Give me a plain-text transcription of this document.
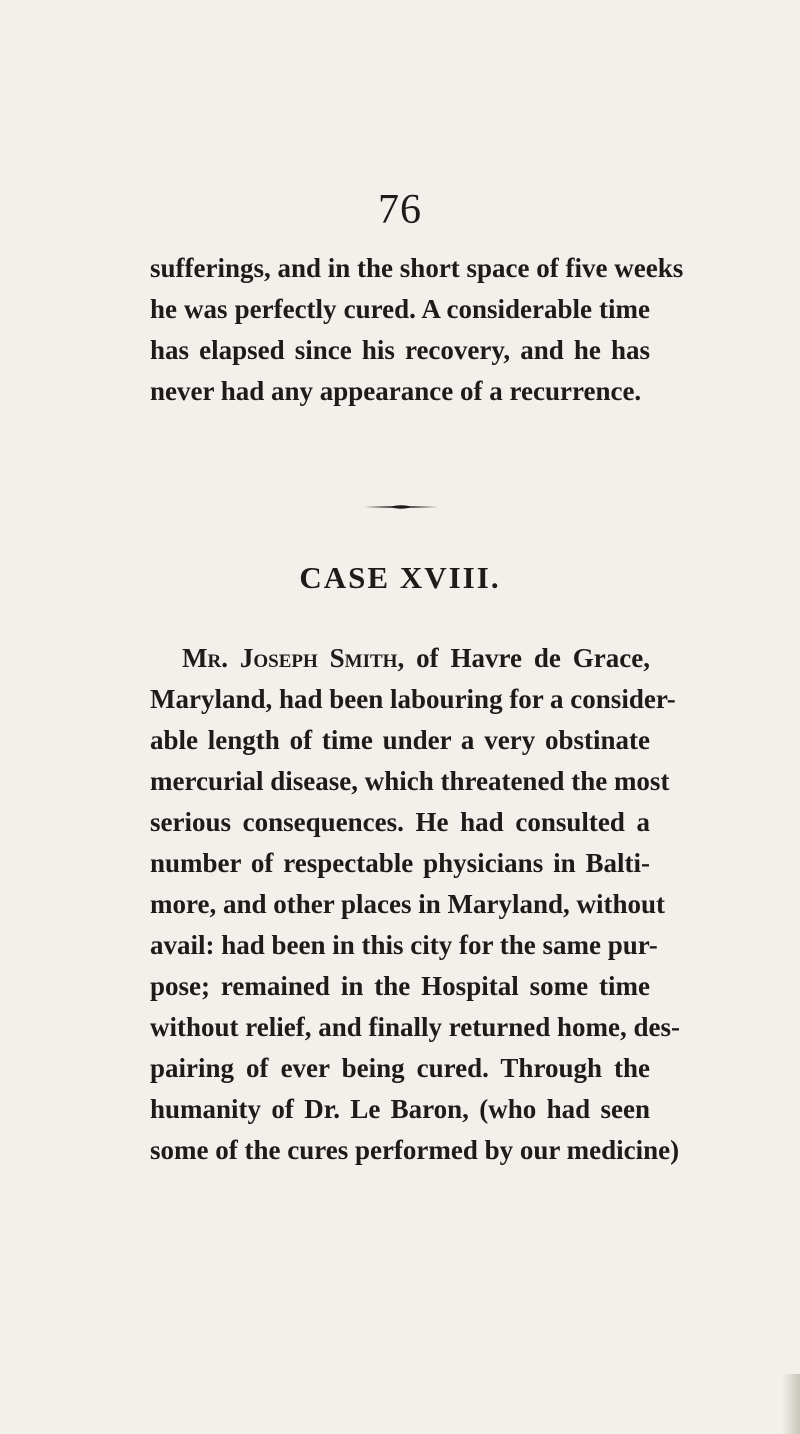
76
sufferings, and in the short space of five weeks
he was perfectly cured. A considerable time
has elapsed since his recovery, and he has
never had any appearance of a recurrence.
CASE XVIII.
Mr. Joseph Smith, of Havre de Grace,
Maryland, had been labouring for a consider-
able length of time under a very obstinate
mercurial disease, which threatened the most
serious consequences. He had consulted a
number of respectable physicians in Balti-
more, and other places in Maryland, without
avail: had been in this city for the same pur-
pose; remained in the Hospital some time
without relief, and finally returned home, des-
pairing of ever being cured. Through the
humanity of Dr. Le Baron, (who had seen
some of the cures performed by our medicine)
